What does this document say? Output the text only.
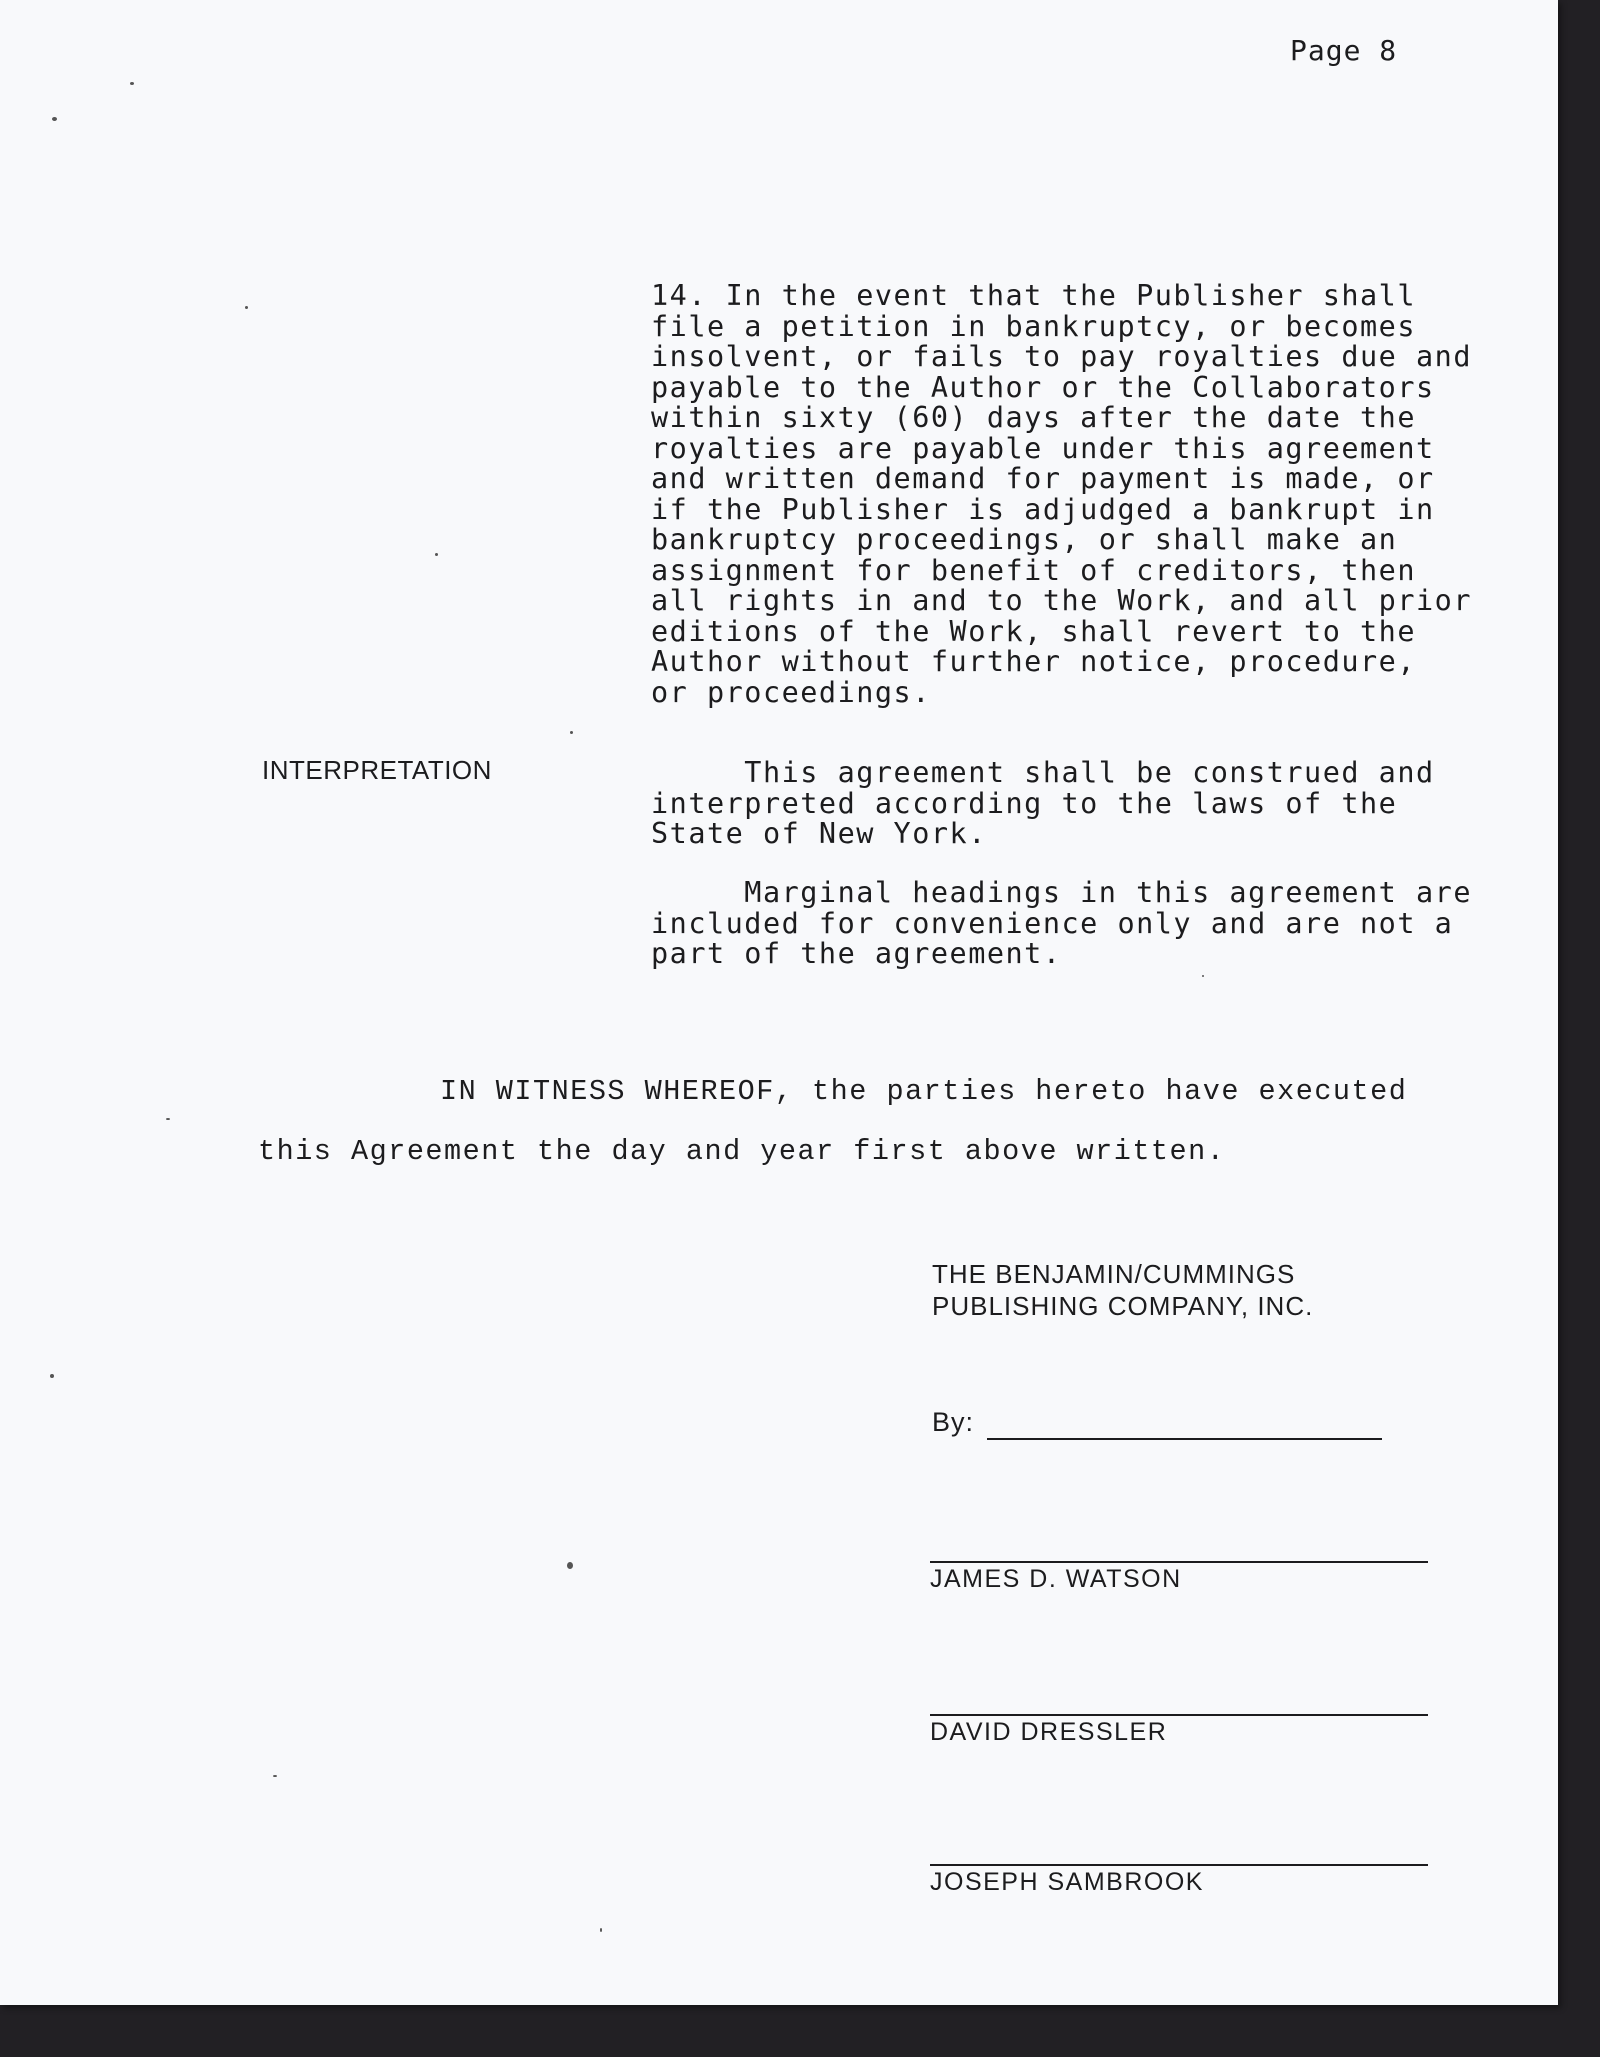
Page 8

14. In the event that the Publisher shall
file a petition in bankruptcy, or becomes
insolvent, or fails to pay royalties due and
payable to the Author or the Collaborators
within sixty (60) days after the date the
royalties are payable under this agreement
and written demand for payment is made, or
if the Publisher is adjudged a bankrupt in
bankruptcy proceedings, or shall make an
assignment for benefit of creditors, then
all rights in and to the Work, and all prior
editions of the Work, shall revert to the
Author without further notice, procedure,
or proceedings.

INTERPRETATION	This agreement shall be construed and
interpreted according to the laws of the
State of New York.
Marginal headings in this agreement are
included for convenience only and are not a
part of the agreement.

IN WITNESS WHEREOF, the parties hereto have executed

this Agreement the day and year first above written.

THE BENJAMIN/CUMMINGS
PUBLISHING COMPANY, INC.
By:
JAMES D. WATSON
DAVID DRESSLER
JOSEPH SAMBROOK
